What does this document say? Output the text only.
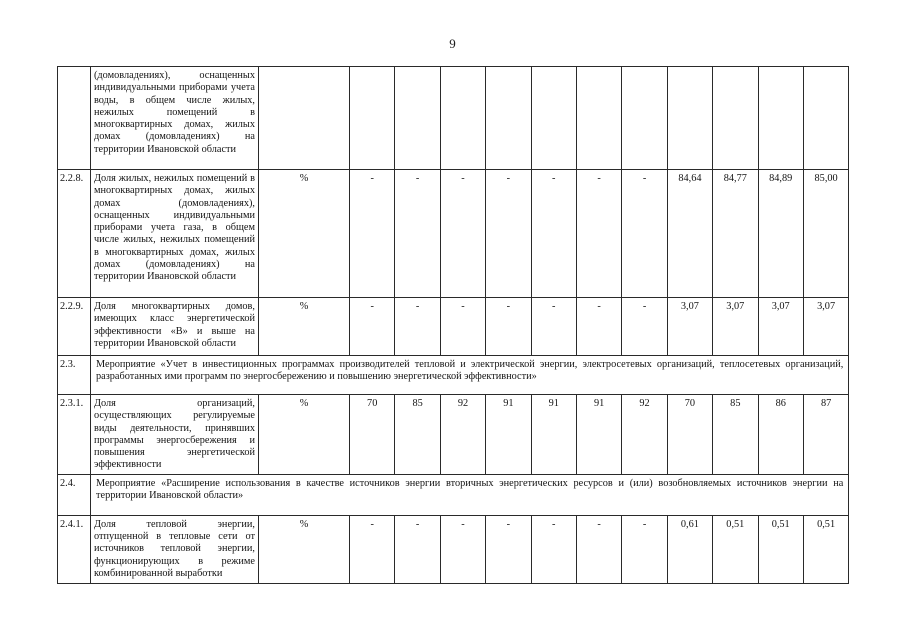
9
	(домовладениях), оснащенных индивидуальными приборами учета воды, в общем числе жилых, нежилых помещений в многоквартирных домах, жилых домах (домовладениях) на территории Ивановской области												
2.2.8.	Доля жилых, нежилых помещений в многоквартирных домах, жилых домах (домовладениях), оснащенных индивидуальными приборами учета газа, в общем числе жилых, нежилых помещений в многоквартирных домах, жилых домах (домовладениях) на территории Ивановской области	%	-	-	-	-	-	-	-	84,64	84,77	84,89	85,00
2.2.9.	Доля многоквартирных домов, имеющих класс энергетической эффективности «В» и выше на территории Ивановской области	%	-	-	-	-	-	-	-	3,07	3,07	3,07	3,07
2.3.	Мероприятие «Учет в инвестиционных программах производителей тепловой и электрической энергии, электросетевых организаций, теплосетевых организаций, разработанных ими программ по энергосбережению и повышению энергетической эффективности»												
2.3.1.	Доля организаций, осуществляющих регулируемые виды деятельности, принявших программы энергосбережения и повышения энергетической эффективности	%	70	85	92	91	91	91	92	70	85	86	87
2.4.	Мероприятие «Расширение использования в качестве источников энергии вторичных энергетических ресурсов и (или) возобновляемых источников энергии на территории Ивановской области»												
2.4.1.	Доля тепловой энергии, отпущенной в тепловые сети от источников тепловой энергии, функционирующих в режиме комбинированной выработки	%	-	-	-	-	-	-	-	0,61	0,51	0,51	0,51
